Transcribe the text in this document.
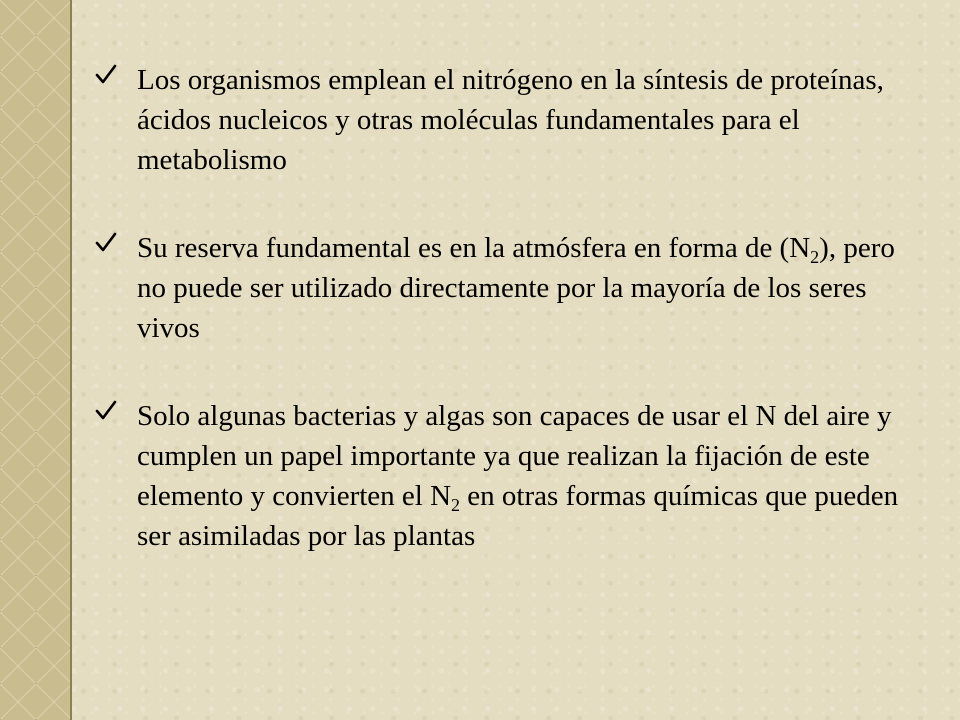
Los organismos emplean el nitrógeno en la síntesis de proteínas, ácidos nucleicos y otras moléculas fundamentales para el metabolismo
Su reserva fundamental es en la atmósfera en forma de $(N_2)$, pero no puede ser utilizado directamente por la mayoría de los seres vivos
Solo algunas bacterias y algas son capaces de usar el N del aire y cumplen un papel importante ya que realizan la fijación de este elemento y convierten el $N_2$ en otras formas químicas que pueden ser asimiladas por las plantas
